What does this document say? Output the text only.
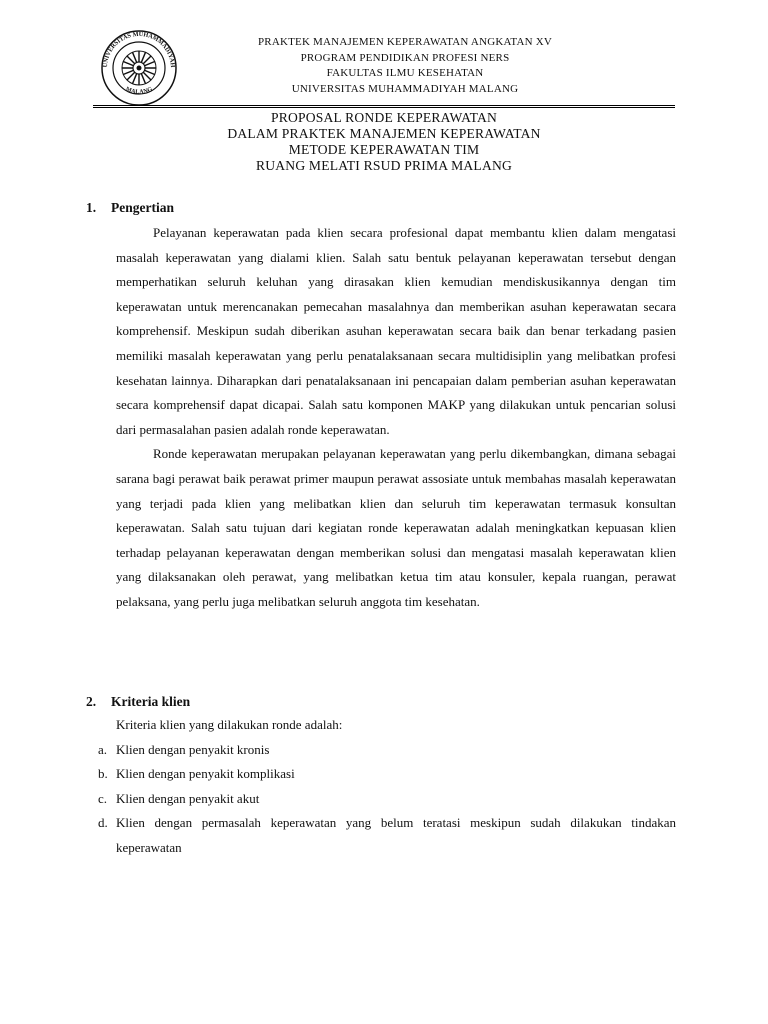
UNIVERSITAS MUHAMMADIYAH
MALANG
PRAKTEK MANAJEMEN KEPERAWATAN ANGKATAN XV
PROGRAM PENDIDIKAN PROFESI NERS
FAKULTAS ILMU KESEHATAN
UNIVERSITAS MUHAMMADIYAH MALANG
PROPOSAL RONDE KEPERAWATAN
DALAM PRAKTEK MANAJEMEN KEPERAWATAN
METODE KEPERAWATAN TIM
RUANG MELATI RSUD PRIMA MALANG
1.	Pengertian

Pelayanan keperawatan pada klien secara profesional dapat membantu klien dalam mengatasi masalah keperawatan yang dialami klien. Salah satu bentuk pelayanan keperawatan tersebut dengan memperhatikan seluruh keluhan yang dirasakan klien kemudian mendiskusikannya dengan tim keperawatan untuk merencanakan pemecahan masalahnya dan memberikan asuhan keperawatan secara komprehensif. Meskipun sudah diberikan asuhan keperawatan secara baik dan benar terkadang pasien memiliki masalah keperawatan yang perlu penatalaksanaan secara multidisiplin yang melibatkan profesi kesehatan lainnya. Diharapkan dari penatalaksanaan ini pencapaian dalam pemberian asuhan keperawatan secara komprehensif dapat dicapai. Salah satu komponen MAKP yang dilakukan untuk pencarian solusi dari permasalahan pasien adalah ronde keperawatan.

Ronde keperawatan merupakan pelayanan keperawatan yang perlu dikembangkan, dimana sebagai sarana bagi perawat baik perawat primer maupun perawat assosiate untuk membahas masalah keperawatan yang terjadi pada klien yang melibatkan klien dan seluruh tim keperawatan termasuk konsultan keperawatan. Salah satu tujuan dari kegiatan ronde keperawatan adalah meningkatkan kepuasan klien terhadap pelayanan keperawatan dengan memberikan solusi dan mengatasi masalah keperawatan klien yang dilaksanakan oleh perawat, yang melibatkan ketua tim atau konsuler, kepala ruangan, perawat pelaksana, yang perlu juga melibatkan seluruh anggota tim kesehatan.

2.	Kriteria klien
Kriteria klien yang dilakukan ronde adalah:
a. Klien dengan penyakit kronis
b. Klien dengan penyakit komplikasi
c. Klien dengan penyakit akut
d. Klien dengan permasalah keperawatan yang belum teratasi meskipun sudah dilakukan tindakan keperawatan
